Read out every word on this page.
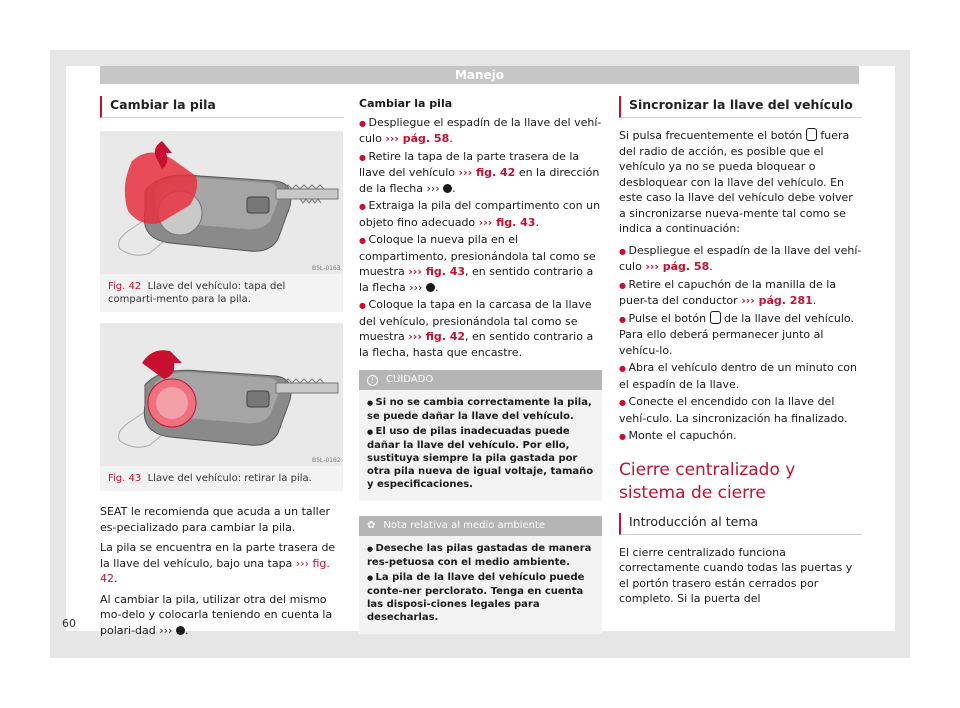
Manejo
Cambiar la pila
B5L-0163
Fig. 42 Llave del vehículo: tapa del comparti-mento para la pila.
B5L-0162
Fig. 43 Llave del vehículo: retirar la pila.

SEAT le recomienda que acuda a un taller es-pecializado para cambiar la pila.

La pila se encuentra en la parte trasera de la llave del vehículo, bajo una tapa ››› fig. 42.

Al cambiar la pila, utilizar otra del mismo mo-delo y colocarla teniendo en cuenta la polari-dad ››› .

Cambiar la pila

● Despliegue el espadín de la llave del vehí-culo ››› pág. 58.
● Retire la tapa de la parte trasera de la llave del vehículo ››› fig. 42 en la dirección de la flecha ››› .
● Extraiga la pila del compartimento con un objeto fino adecuado ››› fig. 43.
● Coloque la nueva pila en el compartimento, presionándola tal como se muestra ››› fig. 43, en sentido contrario a la flecha ››› .
● Coloque la tapa en la carcasa de la llave del vehículo, presionándola tal como se muestra ››› fig. 42, en sentido contrario a la flecha, hasta que encastre.
! CUIDADO
● Si no se cambia correctamente la pila, se puede dañar la llave del vehículo.
● El uso de pilas inadecuadas puede dañar la llave del vehículo. Por ello, sustituya siempre la pila gastada por otra pila nueva de igual voltaje, tamaño y especificaciones.
✿ Nota relativa al medio ambiente
● Deseche las pilas gastadas de manera res-petuosa con el medio ambiente.
● La pila de la llave del vehículo puede conte-ner perclorato. Tenga en cuenta las disposi-ciones legales para desecharlas.
Sincronizar la llave del vehículo

Si pulsa frecuentemente el botón  fuera del radio de acción, es posible que el vehículo ya no se pueda bloquear o desbloquear con la llave del vehículo. En este caso la llave del vehículo debe volver a sincronizarse nueva-mente tal como se indica a continuación:

● Despliegue el espadín de la llave del vehí-culo ››› pág. 58.
● Retire el capuchón de la manilla de la puer-ta del conductor ››› pág. 281.
● Pulse el botón  de la llave del vehículo. Para ello deberá permanecer junto al vehícu-lo.
● Abra el vehículo dentro de un minuto con el espadín de la llave.
● Conecte el encendido con la llave del vehí-culo. La sincronización ha finalizado.
● Monte el capuchón.
Cierre centralizado y sistema de cierre
Introducción al tema

El cierre centralizado funciona correctamente cuando todas las puertas y el portón trasero están cerrados por completo. Si la puerta del

60
